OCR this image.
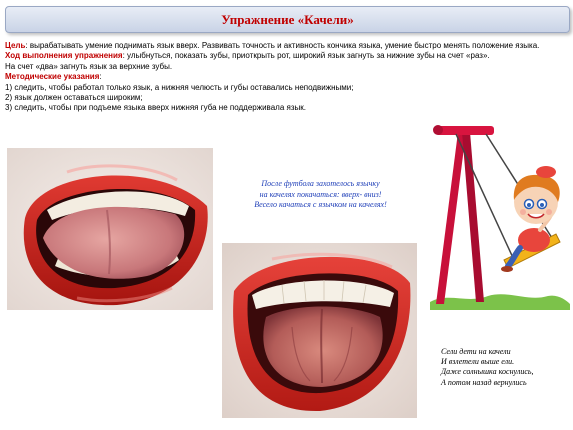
Упражнение «Качели»

Цель: вырабатывать умение поднимать язык вверх. Развивать точность и активность кончика языка, умение быстро менять положение языка.

Ход выполнения упражнения: улыбнуться, показать зубы, приоткрыть рот, широкий язык загнуть за нижние зубы на счет «раз».

На счет «два» загнуть язык за верхние зубы.

Методические указания:

1) следить, чтобы работал только язык, а нижняя челюсть и губы оставались неподвижными;

2) язык должен оставаться широким;

3) следить, чтобы при подъеме языка вверх нижняя губа не поддерживала язык.

После футбола захотелось язычку

на качелях покачаться: вверх- вниз!

Весело качаться с язычком на качелях!

Сели дети на качели

И взлетели выше ели.

Даже солнышка коснулись,

А потом назад вернулись
